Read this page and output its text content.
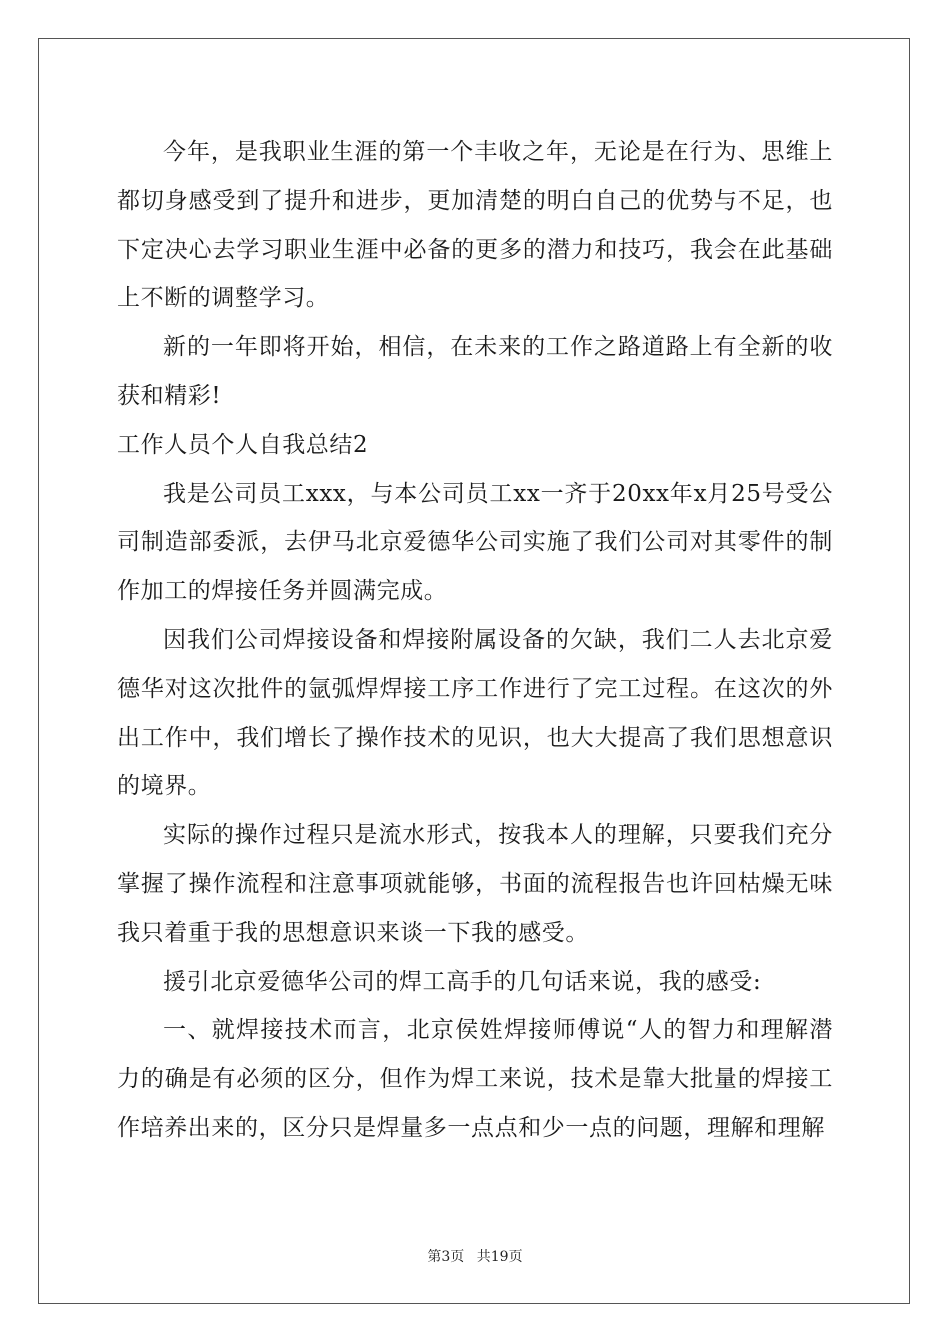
今年，是我职业生涯的第一个丰收之年，无论是在行为、思维上都切身感受到了提升和进步，更加清楚的明白自己的优势与不足，也下定决心去学习职业生涯中必备的更多的潜力和技巧，我会在此基础上不断的调整学习。

新的一年即将开始，相信，在未来的工作之路道路上有全新的收获和精彩!

工作人员个人自我总结2

我是公司员工xxx，与本公司员工xx一齐于20xx年x月25号受公司制造部委派，去伊马北京爱德华公司实施了我们公司对其零件的制作加工的焊接任务并圆满完成。

因我们公司焊接设备和焊接附属设备的欠缺，我们二人去北京爱德华对这次批件的氩弧焊焊接工序工作进行了完工过程。在这次的外出工作中，我们增长了操作技术的见识，也大大提高了我们思想意识的境界。

实际的操作过程只是流水形式，按我本人的理解，只要我们充分掌握了操作流程和注意事项就能够，书面的流程报告也许回枯燥无味我只着重于我的思想意识来谈一下我的感受。

援引北京爱德华公司的焊工高手的几句话来说，我的感受:

一、就焊接技术而言，北京侯姓焊接师傅说“人的智力和理解潜力的确是有必须的区分，但作为焊工来说，技术是靠大批量的焊接工作培养出来的，区分只是焊量多一点点和少一点的问题，理解和理解

第3页 共19页
